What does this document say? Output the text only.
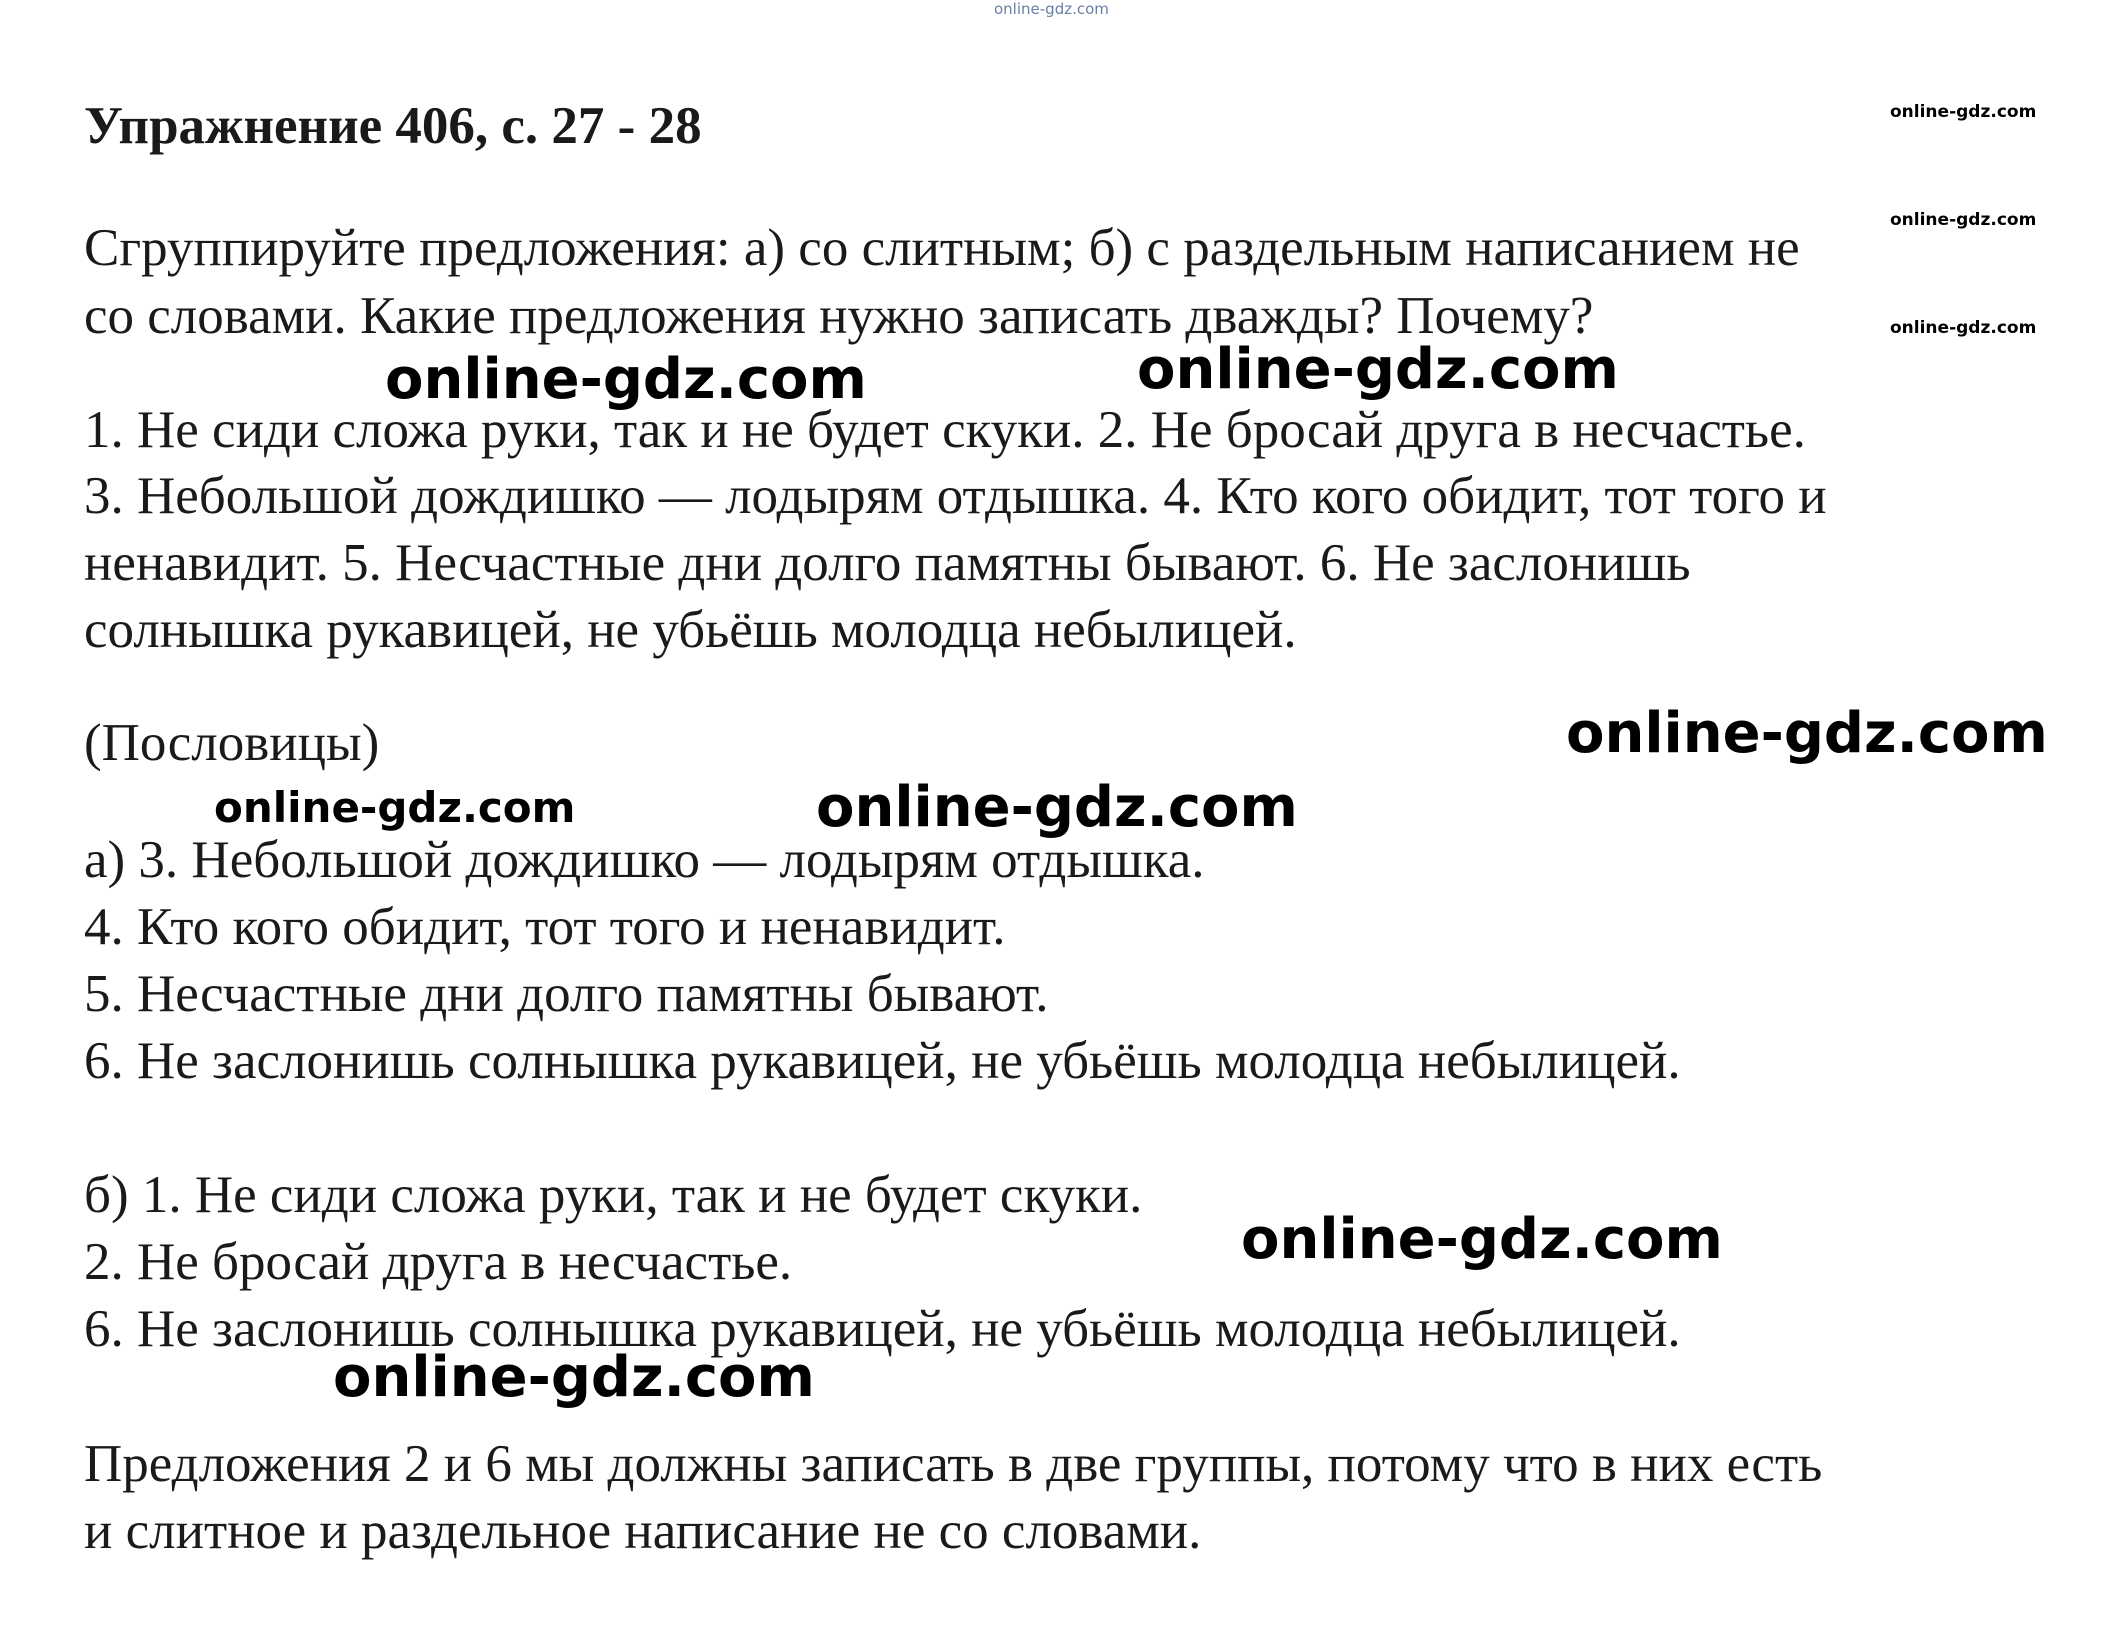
online-gdz.com
Упражнение 406, с. 27 - 28
Сгруппируйте предложения: а) со слитным; б) с раздельным написанием не
со словами. Какие предложения нужно записать дважды? Почему?
1. Не сиди сложа руки, так и не будет скуки. 2. Не бросай друга в несчастье.
3. Небольшой дождишко — лодырям отдышка. 4. Кто кого обидит, тот того и
ненавидит. 5. Несчастные дни долго памятны бывают. 6. Не заслонишь
солнышка рукавицей, не убьёшь молодца небылицей.
(Пословицы)
а) 3. Небольшой дождишко — лодырям отдышка.
4. Кто кого обидит, тот того и ненавидит.
5. Несчастные дни долго памятны бывают.
6. Не заслонишь солнышка рукавицей, не убьёшь молодца небылицей.
б) 1. Не сиди сложа руки, так и не будет скуки.
2. Не бросай друга в несчастье.
6. Не заслонишь солнышка рукавицей, не убьёшь молодца небылицей.
Предложения 2 и 6 мы должны записать в две группы, потому что в них есть
и слитное и раздельное написание не со словами.
online-gdz.com
online-gdz.com
online-gdz.com
online-gdz.com	online-gdz.com
online-gdz.com
online-gdz.com	online-gdz.com
online-gdz.com
online-gdz.com
